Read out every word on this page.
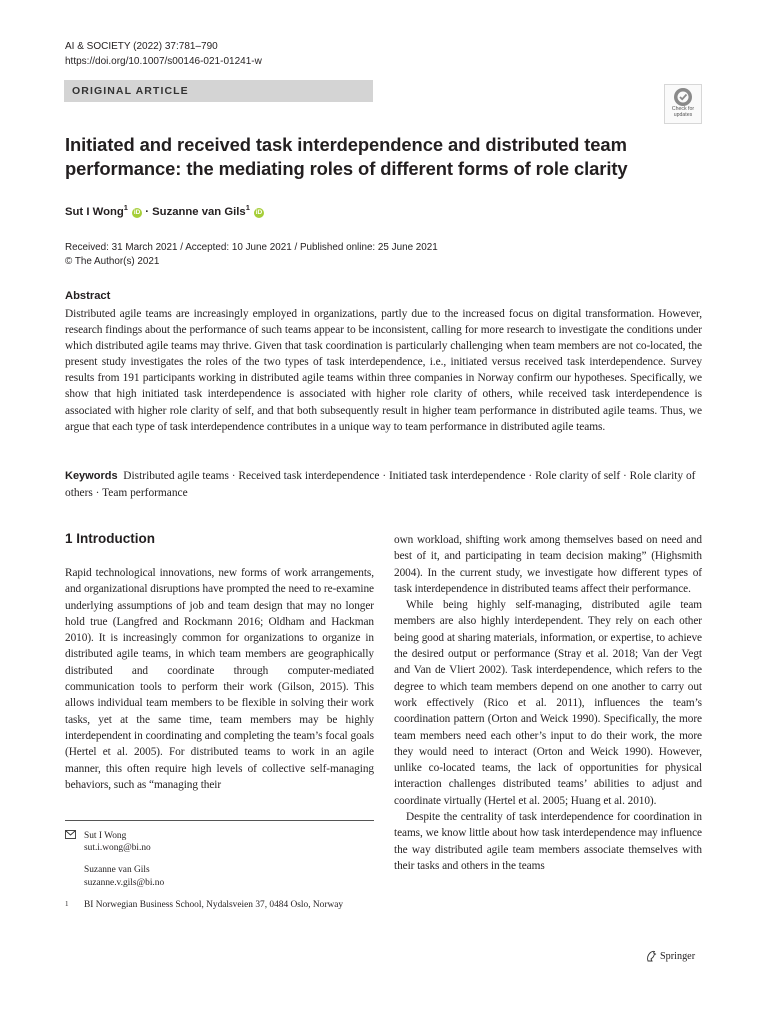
AI & SOCIETY (2022) 37:781–790
https://doi.org/10.1007/s00146-021-01241-w
ORIGINAL ARTICLE
Check for updates
Initiated and received task interdependence and distributed team performance: the mediating roles of different forms of role clarity
Sut I Wong$^1$ iD · Suzanne van Gils$^1$ iD
Received: 31 March 2021 / Accepted: 10 June 2021 / Published online: 25 June 2021
© The Author(s) 2021
Abstract

Distributed agile teams are increasingly employed in organizations, partly due to the increased focus on digital transformation. However, research findings about the performance of such teams appear to be inconsistent, calling for more research to investigate the conditions under which distributed agile teams may thrive. Given that task coordination is particularly challenging when team members are not co-located, the present study investigates the roles of the two types of task interdependence, i.e., initiated versus received task interdependence. Survey results from 191 participants working in distributed agile teams within three companies in Norway confirm our hypotheses. Specifically, we show that high initiated task interdependence is associated with higher role clarity of others, while received task interdependence is associated with higher role clarity of self, and that both subsequently result in higher team performance in distributed agile teams. Thus, we argue that each type of task interdependence contributes in a unique way to team performance in distributed agile teams.

Keywords Distributed agile teams · Received task interdependence · Initiated task interdependence · Role clarity of self · Role clarity of others · Team performance

1 Introduction

Rapid technological innovations, new forms of work arrangements, and organizational disruptions have prompted the need to re-examine underlying assumptions of job and team design that may no longer hold true (Langfred and Rockmann 2016; Oldham and Hackman 2010). It is increasingly common for organizations to organize in distributed agile teams, in which team members are geographically distributed and coordinate through computer-mediated communication tools to perform their work (Gilson, 2015). This allows individual team members to be flexible in solving their work tasks, yet at the same time, team members may be highly interdependent in coordinating and completing the team’s focal goals (Hertel et al. 2005). For distributed teams to work in an agile manner, this often require high levels of collective self-managing behaviors, such as “managing their

own workload, shifting work among themselves based on need and best of it, and participating in team decision making” (Highsmith 2004). In the current study, we investigate how different types of task interdependence in distributed teams affect their performance.

While being highly self-managing, distributed agile team members are also highly interdependent. They rely on each other being good at sharing materials, information, or expertise, to achieve the desired output or performance (Stray et al. 2018; Van der Vegt and Van de Vliert 2002). Task interdependence, which refers to the degree to which team members depend on one another to carry out work effectively (Rico et al. 2011), influences the team’s coordination pattern (Orton and Weick 1990). Specifically, the more team members need each other’s input to do their work, the more they would need to interact (Orton and Weick 1990). However, unlike co-located teams, the lack of opportunities for physical interaction challenges distributed teams’ abilities to adjust and coordinate virtually (Hertel et al. 2005; Huang et al. 2010).

Despite the centrality of task interdependence for coordination in teams, we know little about how task interdependence may influence the way distributed agile team members associate themselves with their tasks and others in the teams

Sut I Wong

sut.i.wong@bi.no

Suzanne van Gils

suzanne.v.gils@bi.no

1	BI Norwegian Business School, Nydalsveien 37, 0484 Oslo, Norway

Springer
